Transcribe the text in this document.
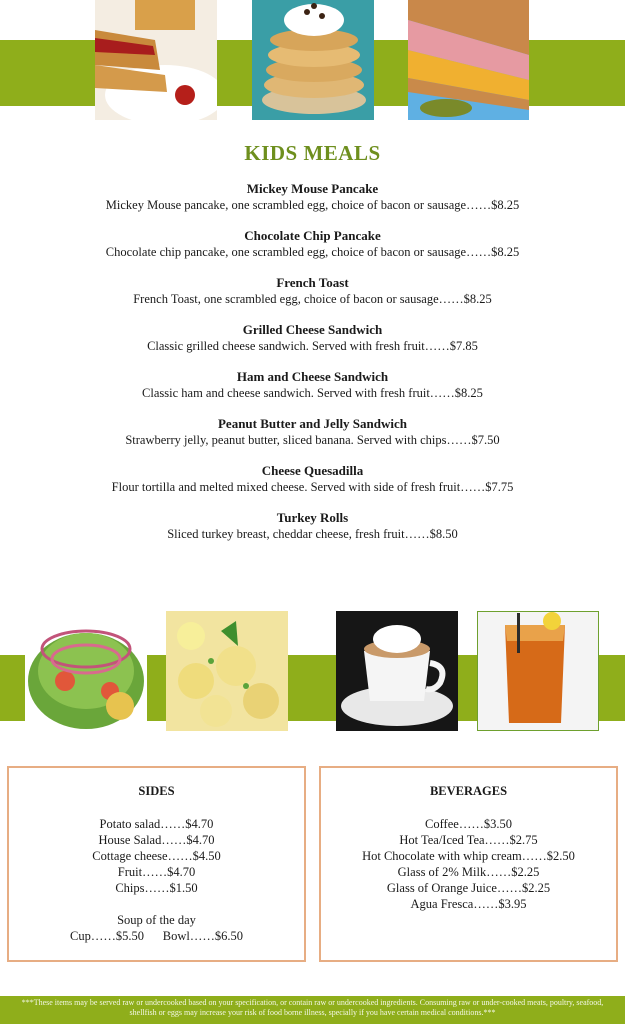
KIDS MEALS
Mickey Mouse Pancake
Mickey Mouse pancake, one scrambled egg, choice of bacon or sausage……$8.25
Chocolate Chip Pancake
Chocolate chip pancake, one scrambled egg, choice of bacon or sausage……$8.25
French Toast
French Toast, one scrambled egg, choice of bacon or sausage……$8.25
Grilled Cheese Sandwich
Classic grilled cheese sandwich. Served with fresh fruit……$7.85
Ham and Cheese Sandwich
Classic ham and cheese sandwich. Served with fresh fruit……$8.25
Peanut Butter and Jelly Sandwich
Strawberry jelly, peanut butter, sliced banana. Served with chips……$7.50
Cheese Quesadilla
Flour tortilla and melted mixed cheese. Served with side of fresh fruit……$7.75
Turkey Rolls
Sliced turkey breast, cheddar cheese, fresh fruit……$8.50
SIDES
Potato salad……$4.70
House Salad……$4.70
Cottage cheese……$4.50
Fruit……$4.70
Chips……$1.50
Soup of the day
Cup……$5.50      Bowl……$6.50
BEVERAGES
Coffee……$3.50
Hot Tea/Iced Tea……$2.75
Hot Chocolate with whip cream……$2.50
Glass of 2% Milk……$2.25
Glass of Orange Juice……$2.25
Agua Fresca……$3.95
***These items may be served raw or undercooked based on your specification, or contain raw or undercooked ingredients. Consuming raw or under-cooked meats, poultry, seafood, shellfish or eggs may increase your risk of food borne illness, specially if you have certain medical conditions.***
